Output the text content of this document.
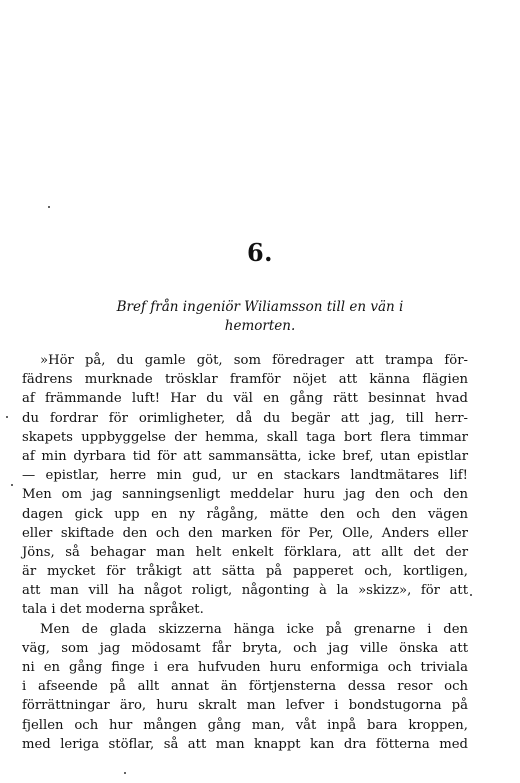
6.
Bref från ingeniör Wiliamsson till en vän i
hemorten.
»Hör på, du gamle göt, som föredrager att trampa för-
fädrens murknade trösklar framför nöjet att känna flägien
af främmande luft! Har du väl en gång rätt besinnat hvad
du fordrar för orimligheter, då du begär att jag, till herr-
skapets uppbyggelse der hemma, skall taga bort flera timmar
af min dyrbara tid för att sammansätta, icke bref, utan epistlar
— epistlar, herre min gud, ur en stackars landtmätares lif!
Men om jag sanningsenligt meddelar huru jag den och den
dagen gick upp en ny rågång, mätte den och den vägen
eller skiftade den och den marken för Per, Olle, Anders eller
Jöns, så behagar man helt enkelt förklara, att allt det der
är mycket för tråkigt att sätta på papperet och, kortligen,
att man vill ha något roligt, någonting à la »skizz», för att
tala i det moderna språket.
Men de glada skizzerna hänga icke på grenarne i den
väg, som jag mödosamt får bryta, och jag ville önska att
ni en gång finge i era hufvuden huru enformiga och triviala
i afseende på allt annat än förtjensterna dessa resor och
förrättningar äro, huru skralt man lefver i bondstugorna på
fjellen och hur mången gång man, våt inpå bara kroppen,
med leriga stöflar, så att man knappt kan dra fötterna med
